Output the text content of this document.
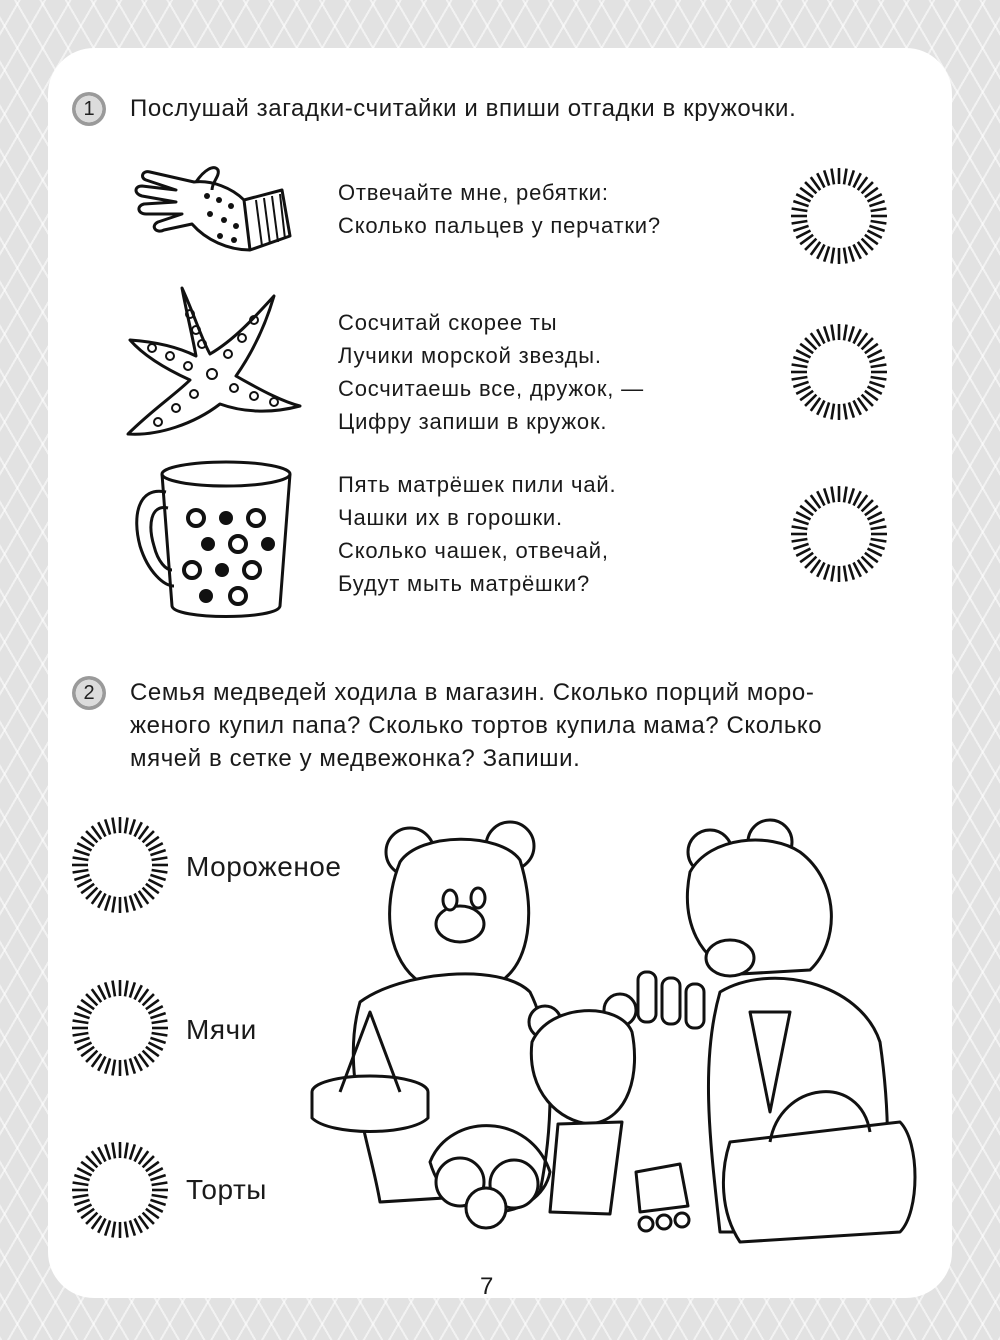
1	Послушай загадки-считайки и впиши отгадки в кружочки.
Отвечайте мне, ребятки:
Сколько пальцев у перчатки?
Сосчитай скорее ты
Лучики морской звезды.
Сосчитаешь все, дружок, —
Цифру запиши в кружок.
Пять матрёшек пили чай.
Чашки их в горошки.
Сколько чашек, отвечай,
Будут мыть матрёшки?
2	Семья медведей ходила в магазин. Сколько порций моро-
женого купил папа? Сколько тортов купила мама? Сколько
мячей в сетке у медвежонка? Запиши.
Мороженое
Мячи
Торты
7
